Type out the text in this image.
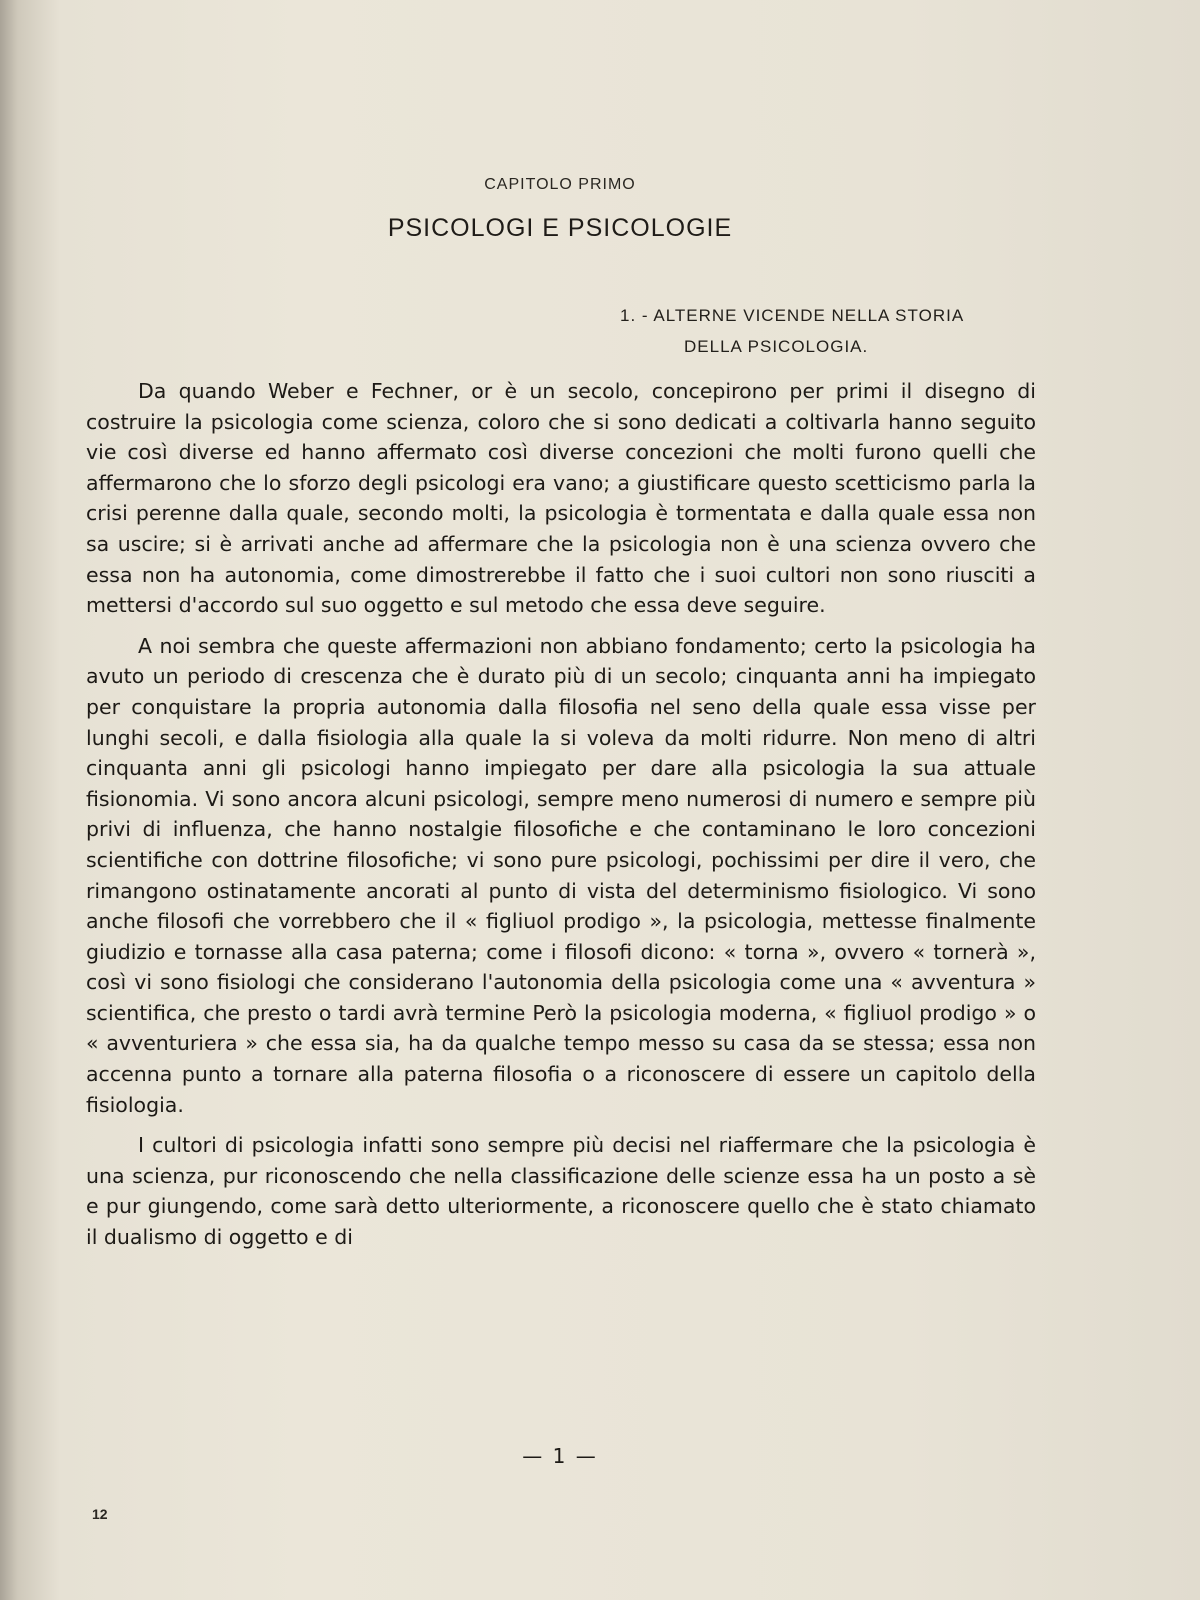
CAPITOLO PRIMO
PSICOLOGI E PSICOLOGIE
1. - ALTERNE VICENDE NELLA STORIA
DELLA PSICOLOGIA.

Da quando Weber e Fechner, or è un secolo, concepirono per primi il disegno di costruire la psicologia come scienza, coloro che si sono dedicati a coltivarla hanno seguito vie così diverse ed hanno affermato così diverse concezioni che molti furono quelli che affermarono che lo sforzo degli psicologi era vano; a giustificare questo scetticismo parla la crisi perenne dalla quale, secondo molti, la psicologia è tormentata e dalla quale essa non sa uscire; si è arrivati anche ad affermare che la psicologia non è una scienza ovvero che essa non ha autonomia, come dimostrerebbe il fatto che i suoi cultori non sono riusciti a mettersi d'accordo sul suo oggetto e sul metodo che essa deve seguire.

A noi sembra che queste affermazioni non abbiano fondamento; certo la psicologia ha avuto un periodo di crescenza che è durato più di un secolo; cinquanta anni ha impiegato per conquistare la propria autonomia dalla filosofia nel seno della quale essa visse per lunghi secoli, e dalla fisiologia alla quale la si voleva da molti ridurre. Non meno di altri cinquanta anni gli psicologi hanno impiegato per dare alla psicologia la sua attuale fisionomia. Vi sono ancora alcuni psicologi, sempre meno numerosi di numero e sempre più privi di influenza, che hanno nostalgie filosofiche e che contaminano le loro concezioni scientifiche con dottrine filosofiche; vi sono pure psicologi, pochissimi per dire il vero, che rimangono ostinatamente ancorati al punto di vista del determinismo fisiologico. Vi sono anche filosofi che vorrebbero che il « figliuol prodigo », la psicologia, mettesse finalmente giudizio e tornasse alla casa paterna; come i filosofi dicono: « torna », ovvero « tornerà », così vi sono fisiologi che considerano l'autonomia della psicologia come una « avventura » scientifica, che presto o tardi avrà termine Però la psicologia moderna, « figliuol prodigo » o « avventuriera » che essa sia, ha da qualche tempo messo su casa da se stessa; essa non accenna punto a tornare alla paterna filosofia o a riconoscere di essere un capitolo della fisiologia.

I cultori di psicologia infatti sono sempre più decisi nel riaffermare che la psicologia è una scienza, pur riconoscendo che nella classificazione delle scienze essa ha un posto a sè e pur giungendo, come sarà detto ulteriormente, a riconoscere quello che è stato chiamato il dualismo di oggetto e di

— 1 —
12
